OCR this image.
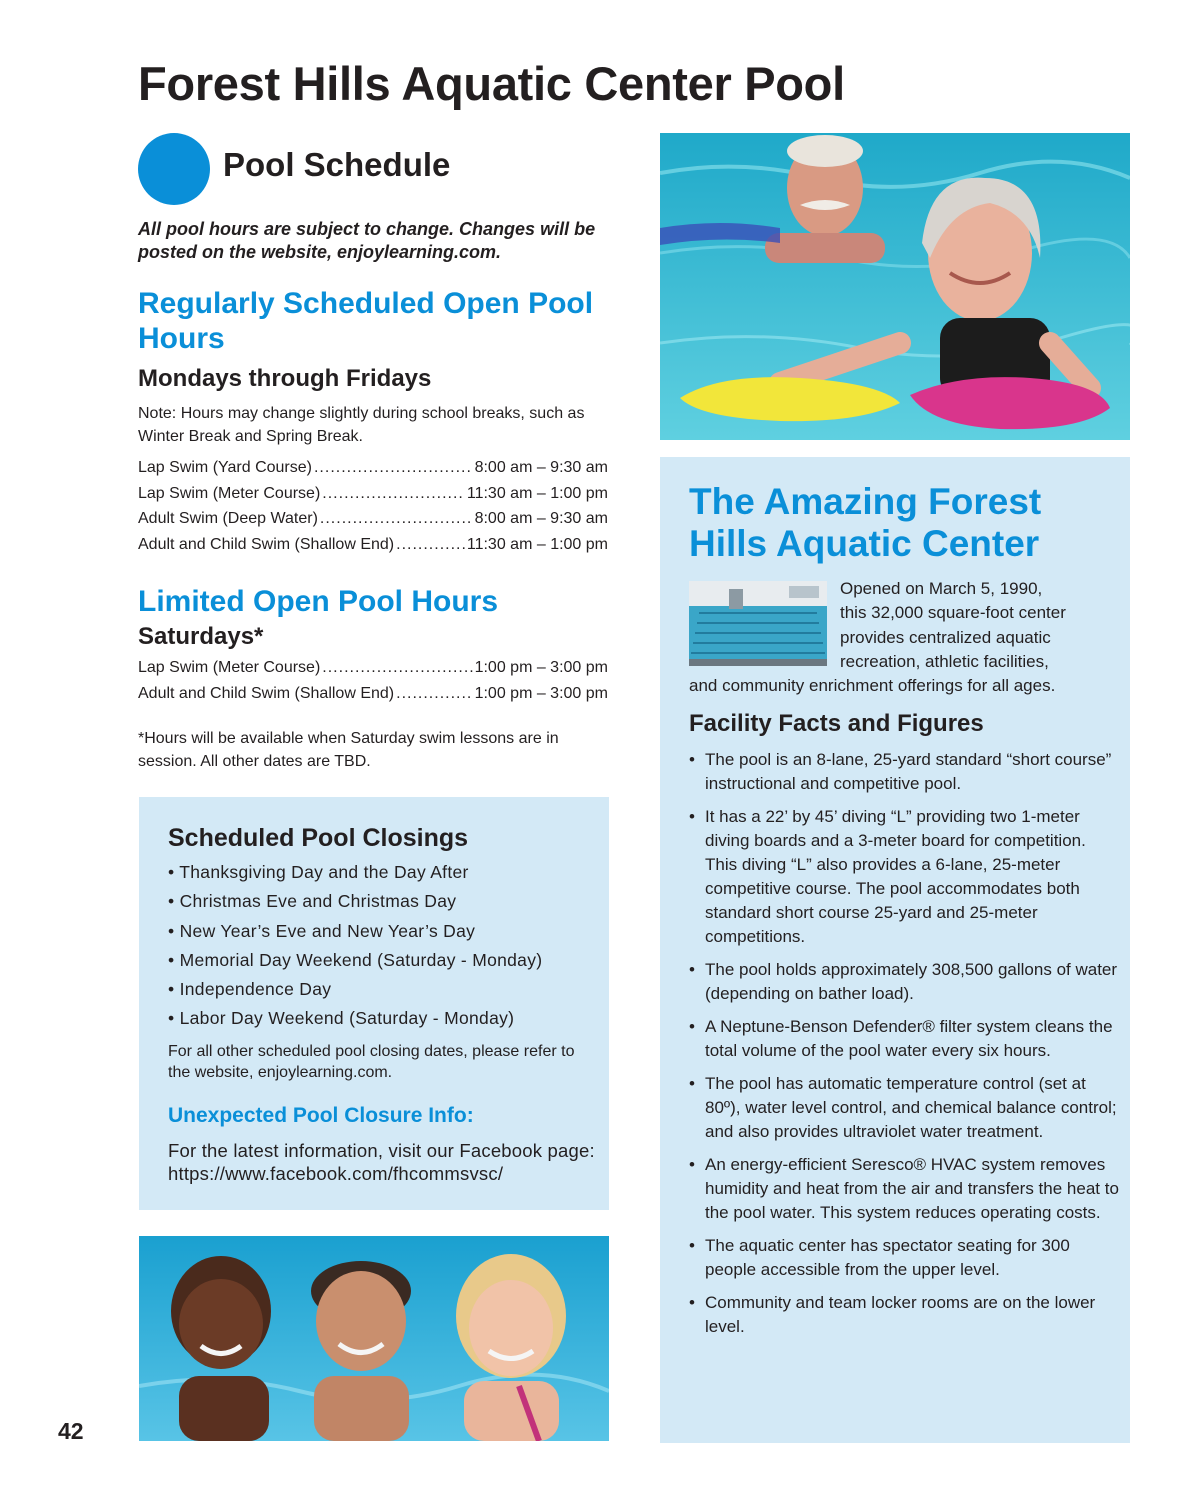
Forest Hills Aquatic Center Pool
Pool Schedule
All pool hours are subject to change. Changes will be posted on the website, enjoylearning.com.
Regularly Scheduled Open Pool Hours
Mondays through Fridays
Note: Hours may change slightly during school breaks, such as Winter Break and Spring Break.
Lap Swim (Yard Course) .....	8:00 am – 9:30 am
Lap Swim (Meter Course) .....	11:30 am – 1:00 pm
Adult Swim (Deep Water) .....	8:00 am – 9:30 am
Adult and Child Swim (Shallow End) .....	11:30 am – 1:00 pm
Limited Open Pool Hours
Saturdays*
Lap Swim (Meter Course) .....	1:00 pm – 3:00 pm
Adult and Child Swim (Shallow End) .....	1:00 pm – 3:00 pm
*Hours will be available when Saturday swim lessons are in session. All other dates are TBD.
Scheduled Pool Closings
• Thanksgiving Day and the Day After
• Christmas Eve and Christmas Day
• New Year’s Eve and New Year’s Day
• Memorial Day Weekend (Saturday - Monday)
• Independence Day
• Labor Day Weekend (Saturday - Monday)
For all other scheduled pool closing dates, please refer to the website, enjoylearning.com.
Unexpected Pool Closure Info:
For the latest information, visit our Facebook page: https://www.facebook.com/fhcommsvsc/
The Amazing Forest Hills Aquatic Center

Opened on March 5, 1990,

this 32,000 square-foot center

provides centralized aquatic

recreation, athletic facilities,

and community enrichment offerings for all ages.

Facility Facts and Figures
• The pool is an 8-lane, 25-yard standard “short course” instructional and competitive pool.
• It has a 22’ by 45’ diving “L” providing two 1-meter diving boards and a 3-meter board for competition. This diving “L” also provides a 6-lane, 25-meter competitive course. The pool accommodates both standard short course 25-yard and 25-meter competitions.
• The pool holds approximately 308,500 gallons of water (depending on bather load).
• A Neptune-Benson Defender® filter system cleans the total volume of the pool water every six hours.
• The pool has automatic temperature control (set at 80º), water level control, and chemical balance control; and also provides ultraviolet water treatment.
• An energy-efficient Seresco® HVAC system removes humidity and heat from the air and transfers the heat to the pool water. This system reduces operating costs.
• The aquatic center has spectator seating for 300 people accessible from the upper level.
• Community and team locker rooms are on the lower level.
42
